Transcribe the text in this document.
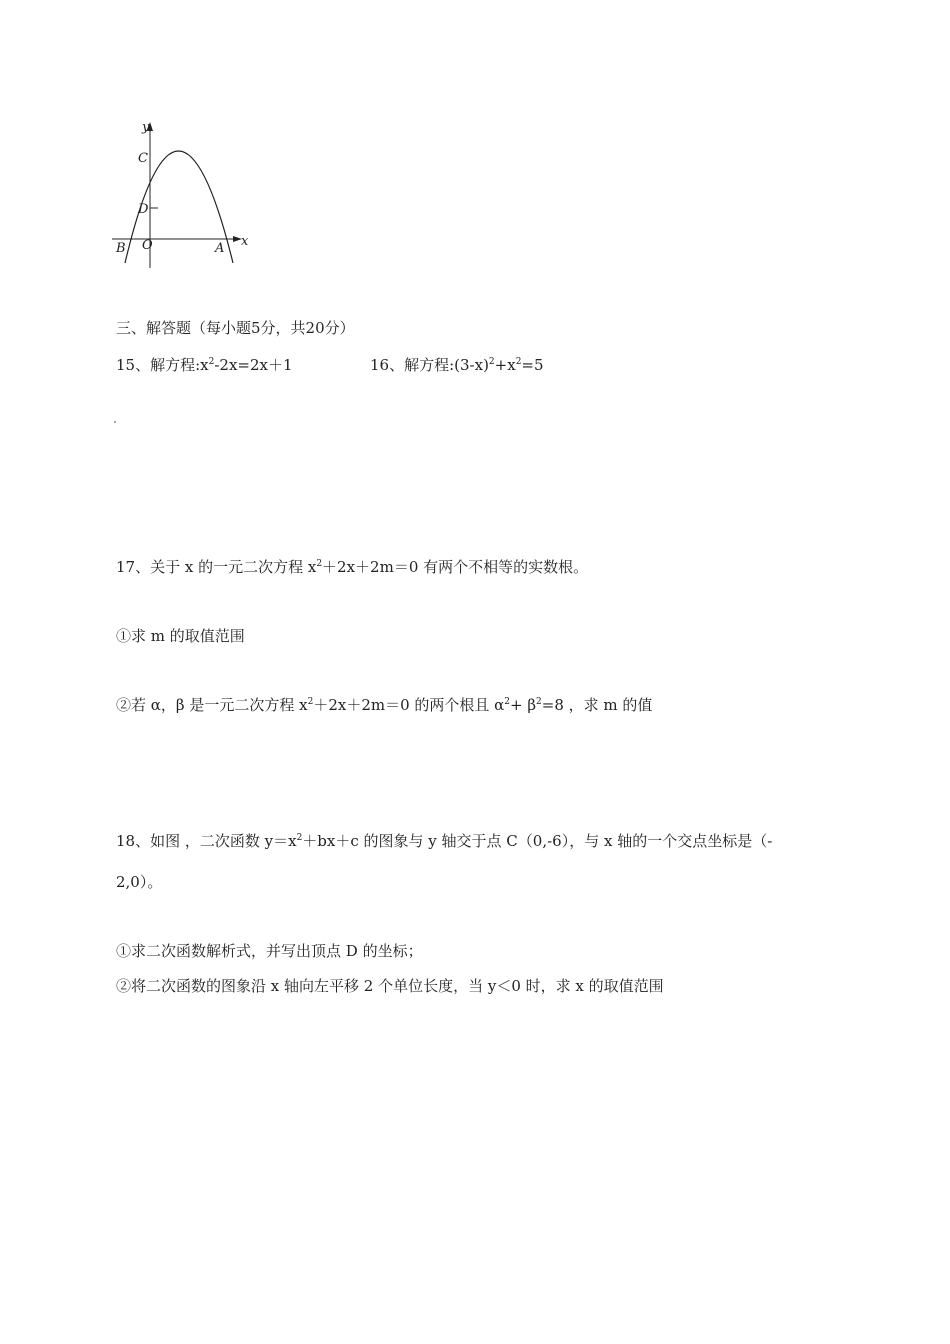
y
C
D
B O	A x
三、解答题（每小题5分，共20分）
15、解方程$:x^2-2x=2x+1$	16、解方程$:(3-x)^2+x^2=5$
17、关于 x 的一元二次方程 $x^2+2x+2m=0$ 有两个不相等的实数根。
①求 m 的取值范围
②若 α，β 是一元二次方程 $x^2+2x+2m=0$ 的两个根且 $\alpha^2+ \beta^2=8$ ，求 m 的值
18、如图 ，二次函数 $y=x^2+bx+c$ 的图象与 y 轴交于点 C（0,-6），与 x 轴的一个交点坐标是（-
2,0）。
①求二次函数解析式，并写出顶点 D 的坐标；
②将二次函数的图象沿 x 轴向左平移 2 个单位长度，当 y＜0 时，求 x 的取值范围
